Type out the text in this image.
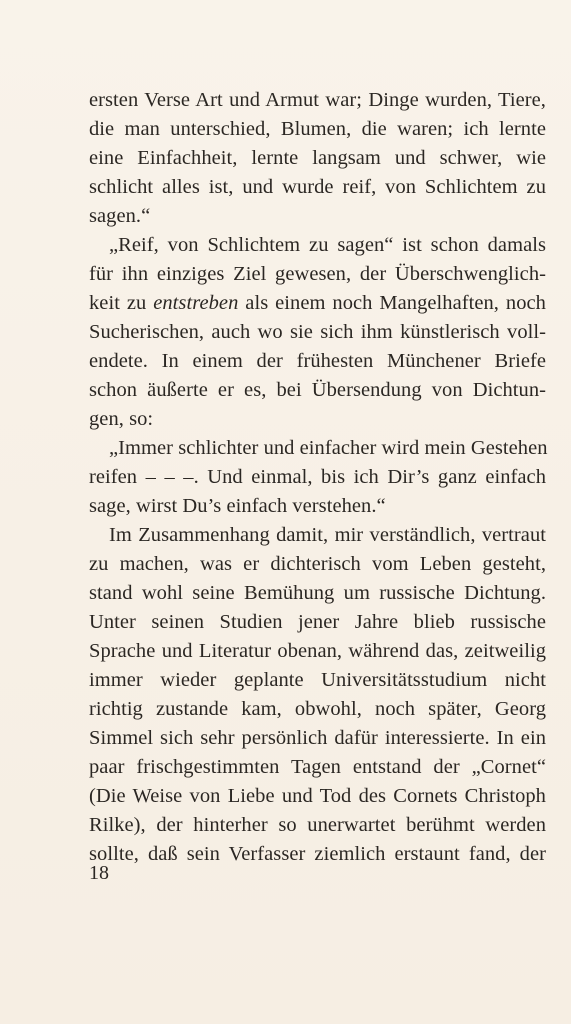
ersten Verse Art und Armut war; Dinge wurden, Tiere,
die man unterschied, Blumen, die waren; ich lernte
eine Einfachheit, lernte langsam und schwer, wie
schlicht alles ist, und wurde reif, von Schlichtem zu
sagen.“
„Reif, von Schlichtem zu sagen“ ist schon damals
für ihn einziges Ziel gewesen, der Überschwenglich-
keit zu entstreben als einem noch Mangelhaften, noch
Sucherischen, auch wo sie sich ihm künstlerisch voll-
endete. In einem der frühesten Münchener Briefe
schon äußerte er es, bei Übersendung von Dichtun-
gen, so:
„Immer schlichter und einfacher wird mein Gestehen
reifen – – –. Und einmal, bis ich Dir’s ganz einfach
sage, wirst Du’s einfach verstehen.“
Im Zusammenhang damit, mir verständlich, vertraut
zu machen, was er dichterisch vom Leben gesteht,
stand wohl seine Bemühung um russische Dichtung.
Unter seinen Studien jener Jahre blieb russische
Sprache und Literatur obenan, während das, zeitweilig
immer wieder geplante Universitätsstudium nicht
richtig zustande kam, obwohl, noch später, Georg
Simmel sich sehr persönlich dafür interessierte. In ein
paar frischgestimmten Tagen entstand der „Cornet“
(Die Weise von Liebe und Tod des Cornets Christoph
Rilke), der hinterher so unerwartet berühmt werden
sollte, daß sein Verfasser ziemlich erstaunt fand, der
18
